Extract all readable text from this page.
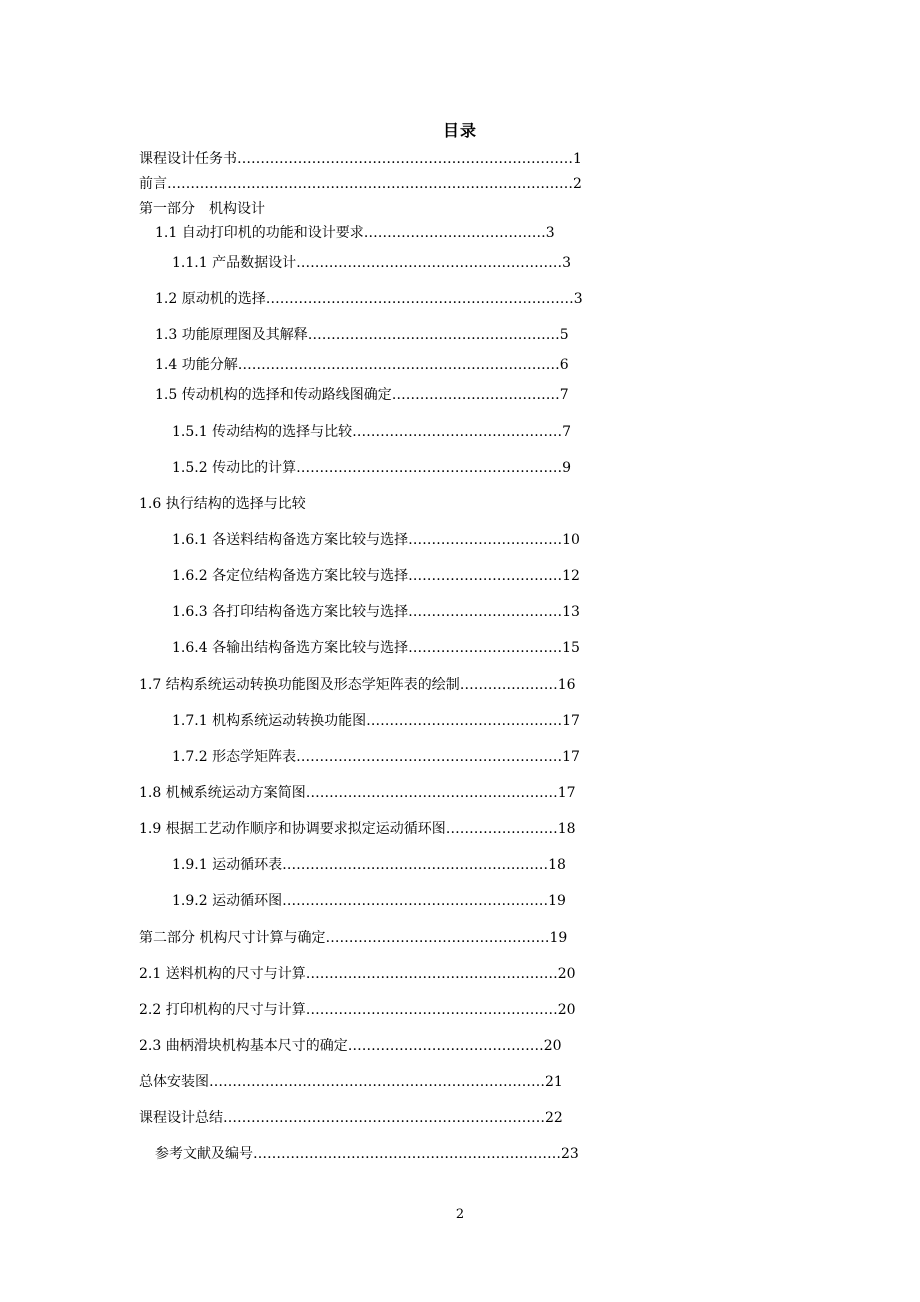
目录
课程设计任务书………………………………………………………………1
前言……………………………………………………………………………2
第一部分　机构设计
1.1 自动打印机的功能和设计要求…………………………………3
1.1.1 产品数据设计…………………………………………………3
1.2 原动机的选择…………………………………………………………3
1.3 功能原理图及其解释………………………………………………5
1.4 功能分解……………………………………………………………6
1.5 传动机构的选择和传动路线图确定………………………………7
1.5.1 传动结构的选择与比较………………………………………7
1.5.2 传动比的计算…………………………………………………9
1.6 执行结构的选择与比较
1.6.1 各送料结构备选方案比较与选择……………………………10
1.6.2 各定位结构备选方案比较与选择……………………………12
1.6.3 各打印结构备选方案比较与选择……………………………13
1.6.4 各输出结构备选方案比较与选择……………………………15
1.7 结构系统运动转换功能图及形态学矩阵表的绘制…………………16
1.7.1 机构系统运动转换功能图……………………………………17
1.7.2 形态学矩阵表…………………………………………………17
1.8 机械系统运动方案简图………………………………………………17
1.9 根据工艺动作顺序和协调要求拟定运动循环图……………………18
1.9.1 运动循环表…………………………………………………18
1.9.2 运动循环图…………………………………………………19
第二部分 机构尺寸计算与确定…………………………………………19
2.1 送料机构的尺寸与计算………………………………………………20
2.2 打印机构的尺寸与计算………………………………………………20
2.3 曲柄滑块机构基本尺寸的确定……………………………………20
总体安装图………………………………………………………………21
课程设计总结……………………………………………………………22
参考文献及编号…………………………………………………………23
2
